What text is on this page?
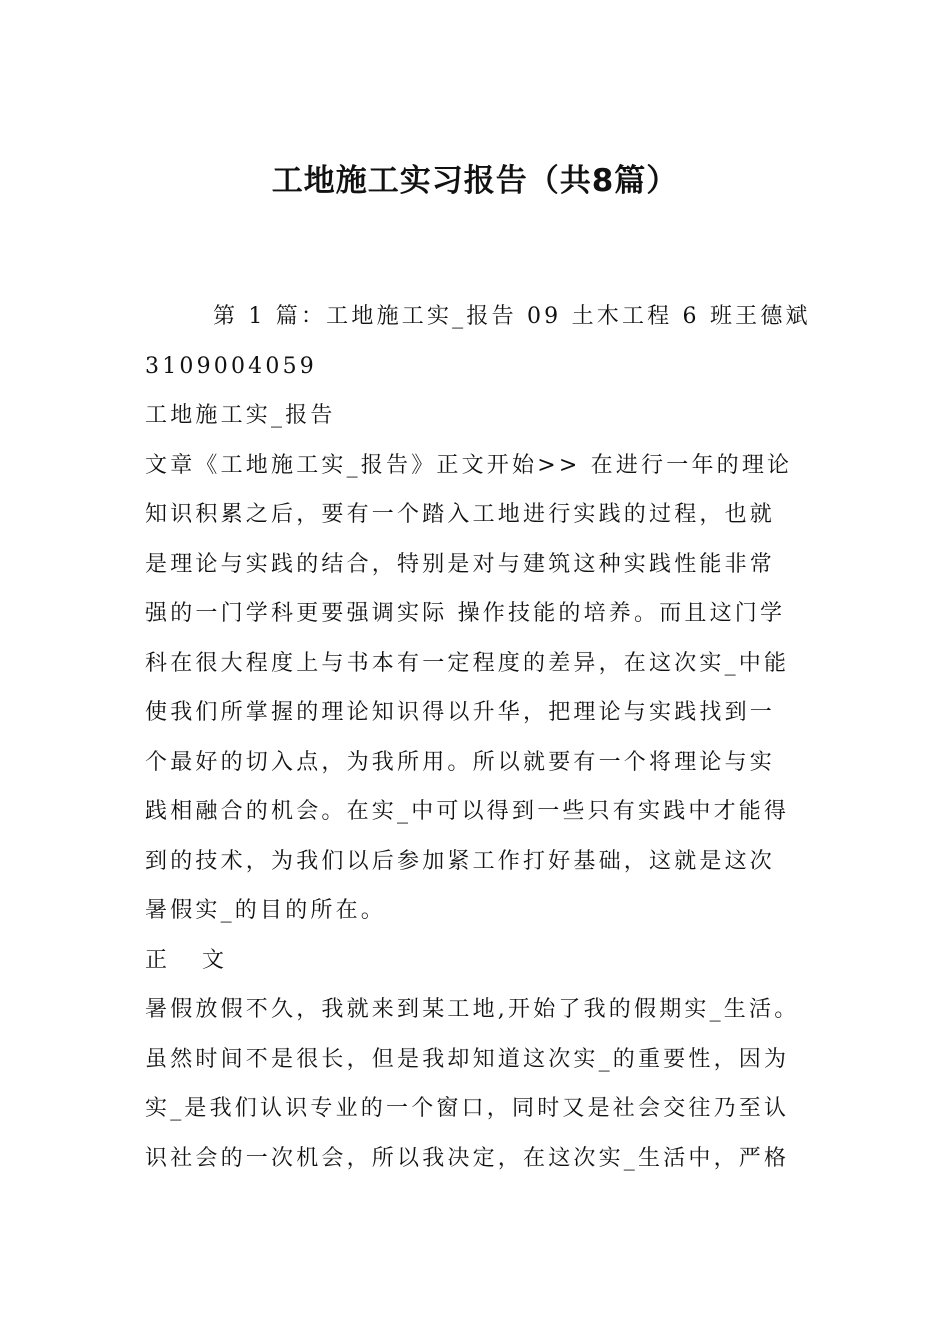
工地施工实习报告（共8篇）
第 1 篇：工地施工实_报告 09 土木工程 6 班王德斌
3109004059
工地施工实_报告
文章《工地施工实_报告》正文开始>> 在进行一年的理论
知识积累之后，要有一个踏入工地进行实践的过程，也就
是理论与实践的结合，特别是对与建筑这种实践性能非常
强的一门学科更要强调实际 操作技能的培养。而且这门学
科在很大程度上与书本有一定程度的差异，在这次实_中能
使我们所掌握的理论知识得以升华，把理论与实践找到一
个最好的切入点，为我所用。所以就要有一个将理论与实
践相融合的机会。在实_中可以得到一些只有实践中才能得
到的技术，为我们以后参加紧工作打好基础，这就是这次
暑假实_的目的所在。
正 文
暑假放假不久，我就来到某工地,开始了我的假期实_生活。
虽然时间不是很长，但是我却知道这次实_的重要性，因为
实_是我们认识专业的一个窗口，同时又是社会交往乃至认
识社会的一次机会，所以我决定，在这次实_生活中，严格
